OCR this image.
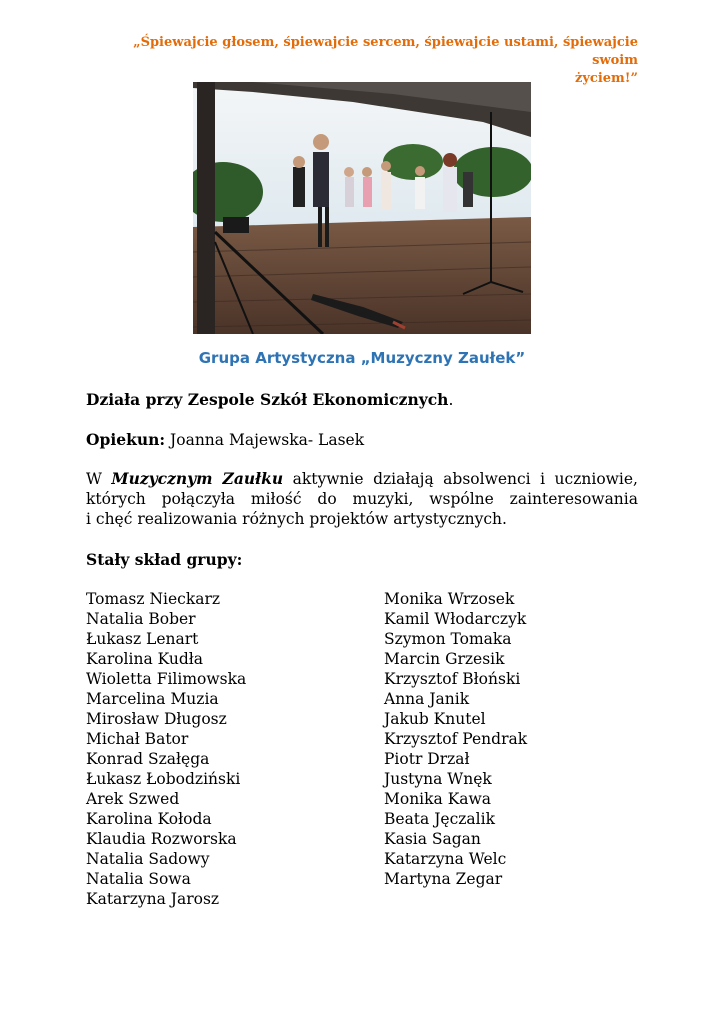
„Śpiewajcie głosem, śpiewajcie sercem, śpiewajcie ustami, śpiewajcie swoim
życiem!”
Grupa Artystyczna „Muzyczny Zaułek”
Działa przy Zespole Szkół Ekonomicznych.
Opiekun: Joanna Majewska- Lasek
W Muzycznym Zaułku aktywnie działają absolwenci i uczniowie,
których połączyła miłość do muzyki, wspólne zainteresowania
i chęć realizowania różnych projektów artystycznych.
Stały skład grupy:
Tomasz Nieckarz
Natalia Bober
Łukasz Lenart
Karolina Kudła
Wioletta Filimowska
Marcelina Muzia
Mirosław Długosz
Michał Bator
Konrad Szałęga
Łukasz Łobodziński
Arek Szwed
Karolina Kołoda
Klaudia Rozworska
Natalia Sadowy
Natalia Sowa
Katarzyna Jarosz
Monika Wrzosek
Kamil Włodarczyk
Szymon Tomaka
Marcin Grzesik
Krzysztof Błoński
Anna Janik
Jakub Knutel
Krzysztof Pendrak
Piotr Drzał
Justyna Wnęk
Monika Kawa
Beata Jęczalik
Kasia Sagan
Katarzyna Welc
Martyna Zegar
